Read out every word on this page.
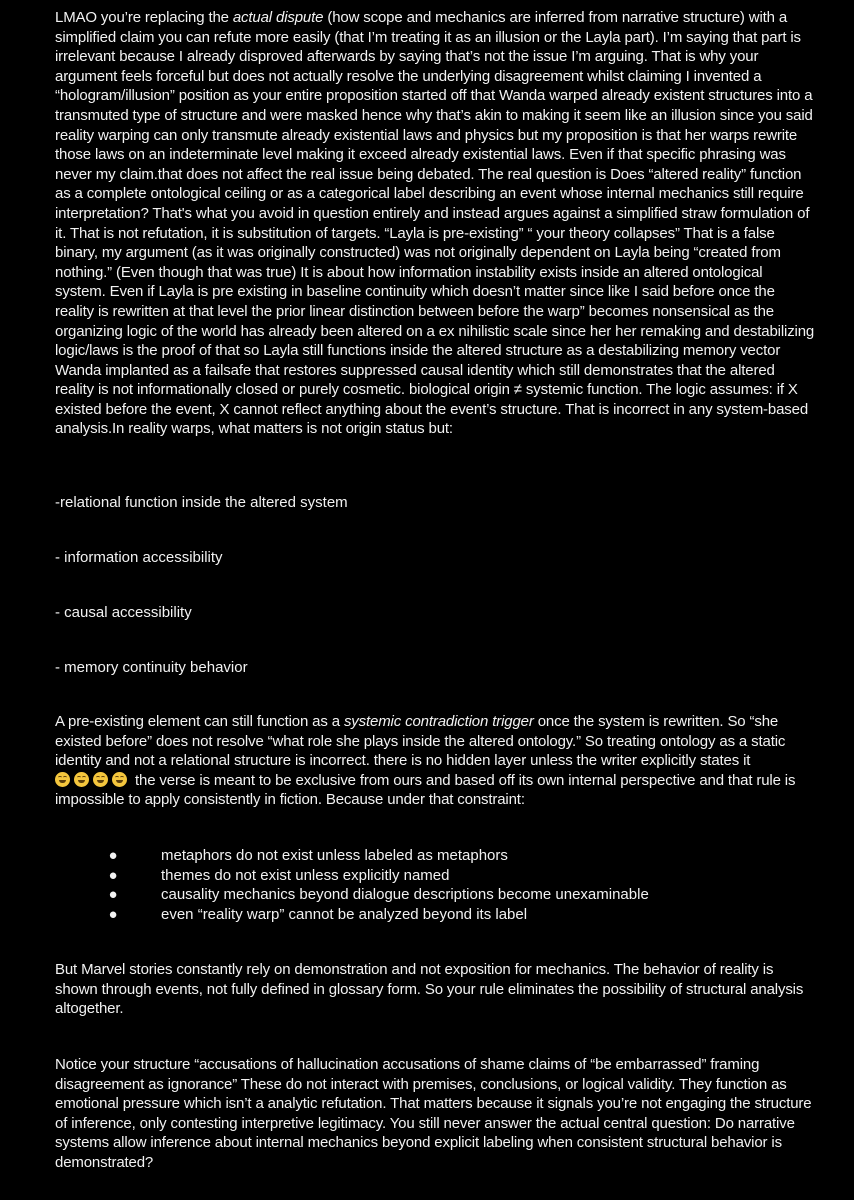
LMAO you’re replacing the actual dispute (how scope and mechanics are inferred from narrative structure) with a simplified claim you can refute more easily (that I’m treating it as an illusion or the Layla part). I’m saying that part is irrelevant because I already disproved afterwards by saying that’s not the issue I’m arguing. That is why your argument feels forceful but does not actually resolve the underlying disagreement whilst claiming I invented a “hologram/illusion” position as your entire proposition started off that Wanda warped already existent structures into a transmuted type of structure and were masked hence why that’s akin to making it seem like an illusion since you said reality warping can only transmute already existential laws and physics but my proposition is that her warps rewrite those laws on an indeterminate level making it exceed already existential laws. Even if that specific phrasing was never my claim.that does not affect the real issue being debated. The real question is Does “altered reality” function as a complete ontological ceiling or as a categorical label describing an event whose internal mechanics still require interpretation? That's what you avoid in question entirely and instead argues against a simplified straw formulation of it. That is not refutation, it is substitution of targets. “Layla is pre-existing” “ your theory collapses” That is a false binary, my argument (as it was originally constructed) was not originally dependent on Layla being “created from nothing.” (Even though that was true) It is about how information instability exists inside an altered ontological system. Even if Layla is pre existing in baseline continuity which doesn’t matter since like I said before once the reality is rewritten at that level the prior linear distinction between before the warp” becomes nonsensical as the organizing logic of the world has already been altered on a ex nihilistic scale since her her remaking and destabilizing logic/laws is the proof of that so Layla still functions inside the altered structure as a destabilizing memory vector Wanda implanted as a failsafe that restores suppressed causal identity which still demonstrates that the altered reality is not informationally closed or purely cosmetic. biological origin ≠ systemic function. The logic assumes: if X existed before the event, X cannot reflect anything about the event’s structure. That is incorrect in any system-based analysis.In reality warps, what matters is not origin status but:

-relational function inside the altered system

- information accessibility

- causal accessibility

- memory continuity behavior

A pre-existing element can still function as a systemic contradiction trigger once the system is rewritten. So “she existed before” does not resolve “what role she plays inside the altered ontology.” So treating ontology as a static identity and not a relational structure is incorrect. there is no hidden layer unless the writer explicitly states it

the verse is meant to be exclusive from ours and based off its own internal perspective and that rule is impossible to apply consistently in fiction. Because under that constraint:

●	metaphors do not exist unless labeled as metaphors
●	themes do not exist unless explicitly named
●	causality mechanics beyond dialogue descriptions become unexaminable
●	even “reality warp” cannot be analyzed beyond its label

But Marvel stories constantly rely on demonstration and not exposition for mechanics. The behavior of reality is shown through events, not fully defined in glossary form. So your rule eliminates the possibility of structural analysis altogether.

Notice your structure “accusations of hallucination accusations of shame claims of “be embarrassed” framing disagreement as ignorance” These do not interact with premises, conclusions, or logical validity. They function as emotional pressure which isn’t a analytic refutation. That matters because it signals you’re not engaging the structure of inference, only contesting interpretive legitimacy. You still never answer the actual central question: Do narrative systems allow inference about internal mechanics beyond explicit labeling when consistent structural behavior is demonstrated?
